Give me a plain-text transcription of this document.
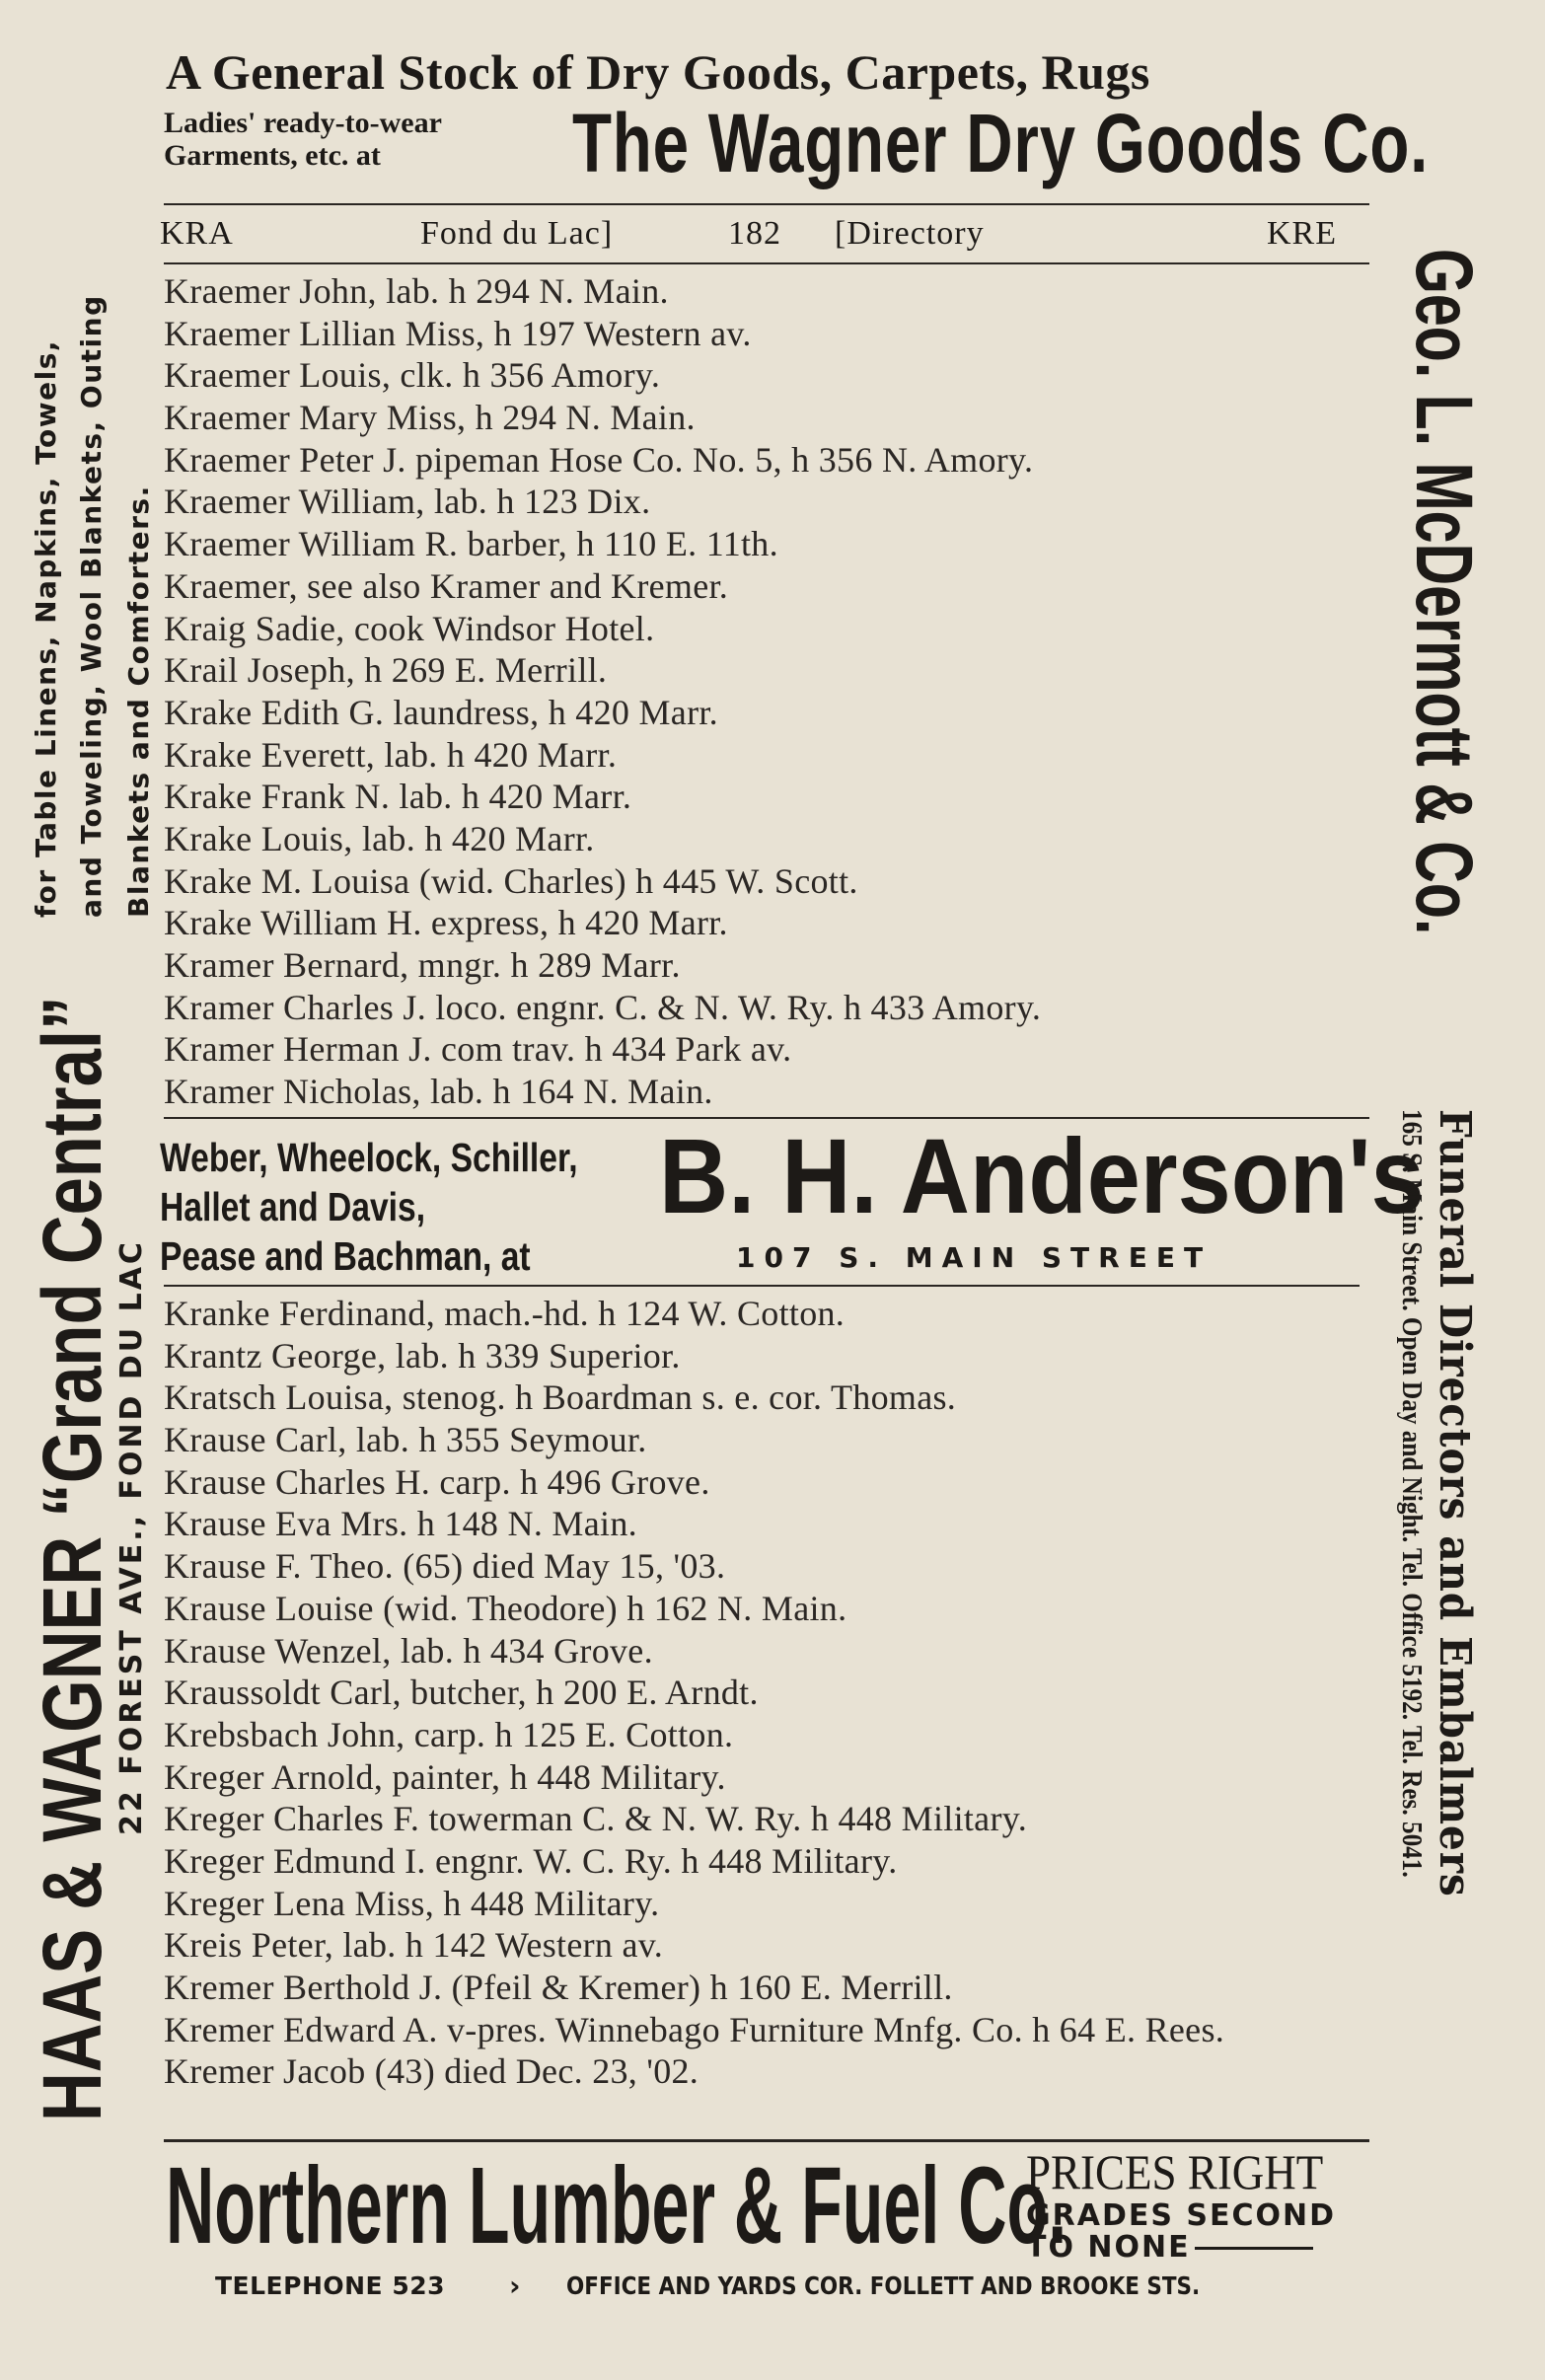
A General Stock of Dry Goods, Carpets, Rugs
Ladies' ready-to-wear
Garments, etc. at	The Wagner Dry Goods Co.
KRA	Fond du Lac]	182 [Directory	KRE
Kraemer John, lab. h 294 N. Main.
Kraemer Lillian Miss, h 197 Western av.
Kraemer Louis, clk. h 356 Amory.
Kraemer Mary Miss, h 294 N. Main.
Kraemer Peter J. pipeman Hose Co. No. 5, h 356 N. Amory.
Kraemer William, lab. h 123 Dix.
Kraemer William R. barber, h 110 E. 11th.
Kraemer, see also Kramer and Kremer.
Kraig Sadie, cook Windsor Hotel.
Krail Joseph, h 269 E. Merrill.
Krake Edith G. laundress, h 420 Marr.
Krake Everett, lab. h 420 Marr.
Krake Frank N. lab. h 420 Marr.
Krake Louis, lab. h 420 Marr.
Krake M. Louisa (wid. Charles) h 445 W. Scott.
Krake William H. express, h 420 Marr.
Kramer Bernard, mngr. h 289 Marr.
Kramer Charles J. loco. engnr. C. & N. W. Ry. h 433 Amory.
Kramer Herman J. com trav. h 434 Park av.
Kramer Nicholas, lab. h 164 N. Main.
Weber, Wheelock, Schiller,
Hallet and Davis,
Pease and Bachman, at
B. H. Anderson's
107 S. MAIN STREET
Kranke Ferdinand, mach.-hd. h 124 W. Cotton.
Krantz George, lab. h 339 Superior.
Kratsch Louisa, stenog. h Boardman s. e. cor. Thomas.
Krause Carl, lab. h 355 Seymour.
Krause Charles H. carp. h 496 Grove.
Krause Eva Mrs. h 148 N. Main.
Krause F. Theo. (65) died May 15, '03.
Krause Louise (wid. Theodore) h 162 N. Main.
Krause Wenzel, lab. h 434 Grove.
Kraussoldt Carl, butcher, h 200 E. Arndt.
Krebsbach John, carp. h 125 E. Cotton.
Kreger Arnold, painter, h 448 Military.
Kreger Charles F. towerman C. & N. W. Ry. h 448 Military.
Kreger Edmund I. engnr. W. C. Ry. h 448 Military.
Kreger Lena Miss, h 448 Military.
Kreis Peter, lab. h 142 Western av.
Kremer Berthold J. (Pfeil & Kremer) h 160 E. Merrill.
Kremer Edward A. v-pres. Winnebago Furniture Mnfg. Co. h 64 E. Rees.
Kremer Jacob (43) died Dec. 23, '02.
Northern Lumber & Fuel Co.
PRICES RIGHT
GRADES SECOND
TO NONE
TELEPHONE 523 › OFFICE AND YARDS COR. FOLLETT AND BROOKE STS.
HAAS & WAGNER “Grand Central”
22 FOREST AVE., FOND DU LAC
for Table Linens, Napkins, Towels, and Toweling, Wool Blankets, Outing Blankets and Comforters.	Geo. L. McDermott & Co.
Funeral Directors and Embalmers
165 S. Main Street. Open Day and Night. Tel. Office 5192. Tel. Res. 5041.
